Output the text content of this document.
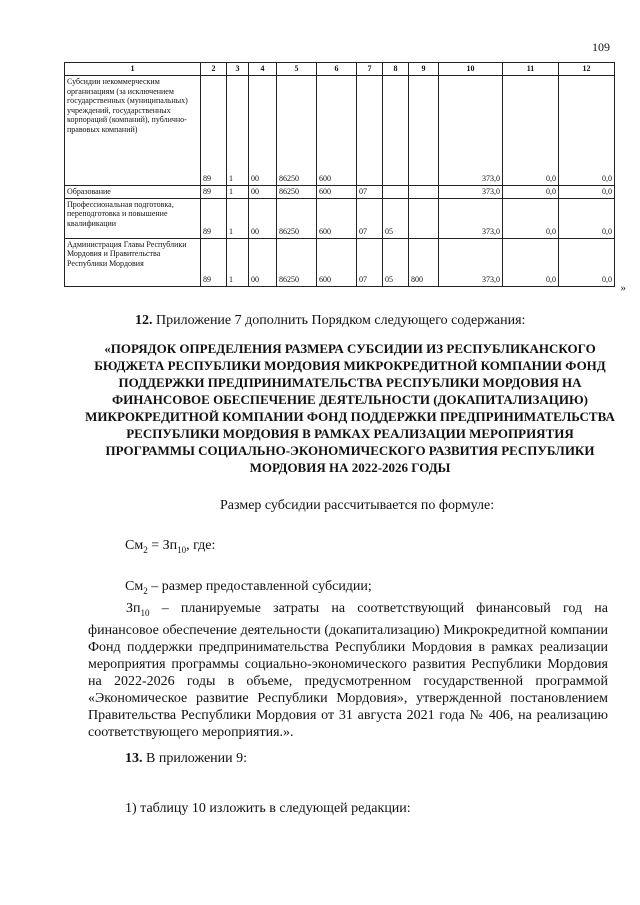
109
1	2	3	4	5	6	7	8	9	10	11	12
Субсидии некоммерческим организациям (за исключением государственных (муниципальных) учреждений, государственных корпораций (компаний), публично-правовых компаний)	89	1	00	86250	600				373,0	0,0	0,0
Образование	89	1	00	86250	600	07			373,0	0,0	0,0
Профессиональная подготовка, переподготовка и повышение квалификации	89	1	00	86250	600	07	05		373,0	0,0	0,0
Администрация Главы Республики Мордовия и Правительства Республики Мордовия	89	1	00	86250	600	07	05	800	373,0	0,0	0,0
»

12. Приложение 7 дополнить Порядком следующего содержания:

«ПОРЯДОК ОПРЕДЕЛЕНИЯ РАЗМЕРА СУБСИДИИ ИЗ РЕСПУБЛИКАНСКОГО БЮДЖЕТА РЕСПУБЛИКИ МОРДОВИЯ МИКРОКРЕДИТНОЙ КОМПАНИИ ФОНД ПОДДЕРЖКИ ПРЕДПРИНИМАТЕЛЬСТВА РЕСПУБЛИКИ МОРДОВИЯ НА ФИНАНСОВОЕ ОБЕСПЕЧЕНИЕ ДЕЯТЕЛЬНОСТИ (ДОКАПИТАЛИЗАЦИЮ) МИКРОКРЕДИТНОЙ КОМПАНИИ ФОНД ПОДДЕРЖКИ ПРЕДПРИНИМАТЕЛЬСТВА РЕСПУБЛИКИ МОРДОВИЯ В РАМКАХ РЕАЛИЗАЦИИ МЕРОПРИЯТИЯ ПРОГРАММЫ СОЦИАЛЬНО-ЭКОНОМИЧЕСКОГО РАЗВИТИЯ РЕСПУБЛИКИ МОРДОВИЯ НА 2022-2026 ГОДЫ

Размер субсидии рассчитывается по формуле:
$См_2 = Зп_{10}$, где:

$См_2$ – размер предоставленной субсидии;

$Зп_{10}$ – планируемые затраты на соответствующий финансовый год на финансовое обеспечение деятельности (докапитализацию) Микрокредитной компании Фонд поддержки предпринимательства Республики Мордовия в рамках реализации мероприятия программы социально-экономического развития Республики Мордовия на 2022-2026 годы в объеме, предусмотренном государственной программой «Экономическое развитие Республики Мордовия», утвержденной постановлением Правительства Республики Мордовия от 31 августа 2021 года № 406, на реализацию соответствующего мероприятия.».

13. В приложении 9:

1) таблицу 10 изложить в следующей редакции:
